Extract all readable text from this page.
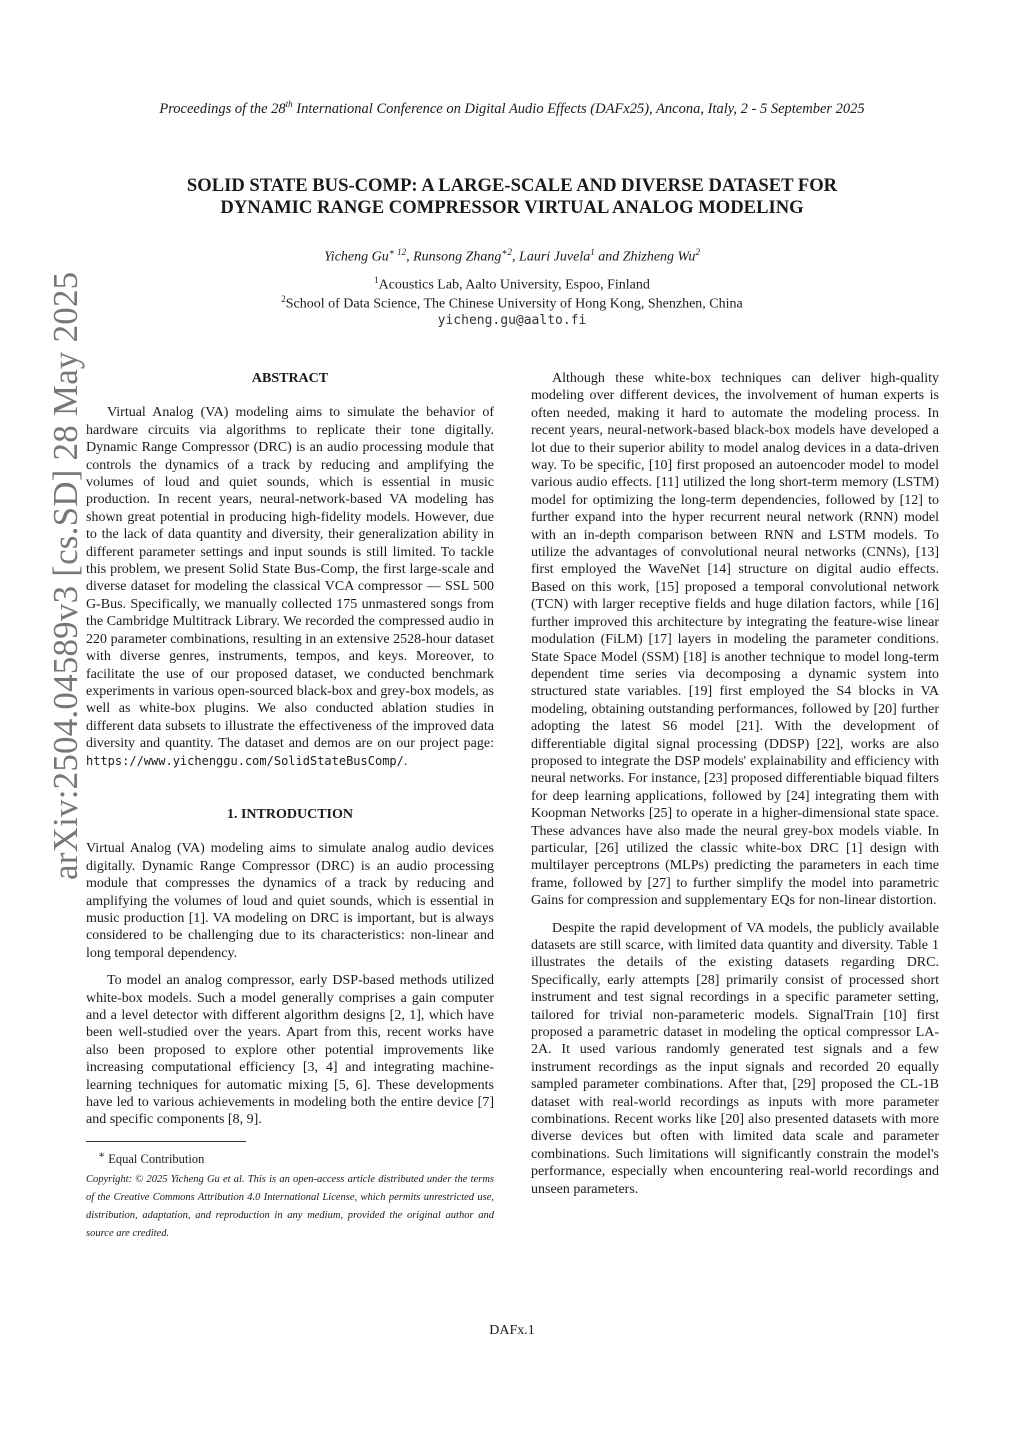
arXiv:2504.04589v3 [cs.SD] 28 May 2025
Proceedings of the 28th International Conference on Digital Audio Effects (DAFx25), Ancona, Italy, 2 - 5 September 2025
SOLID STATE BUS-COMP: A LARGE-SCALE AND DIVERSE DATASET FOR
DYNAMIC RANGE COMPRESSOR VIRTUAL ANALOG MODELING
Yicheng $Gu^{∗ 12}$, Runsong Zhang$^{∗2}$, Lauri Juvela$^1$ and Zhizheng Wu$^2$
$^1$Acoustics Lab, Aalto University, Espoo, Finland
$^2$School of Data Science, The Chinese University of Hong Kong, Shenzhen, China
yicheng.gu@aalto.fi
ABSTRACT

Virtual Analog (VA) modeling aims to simulate the behavior of hardware circuits via algorithms to replicate their tone digitally. Dynamic Range Compressor (DRC) is an audio processing module that controls the dynamics of a track by reducing and amplifying the volumes of loud and quiet sounds, which is essential in music production. In recent years, neural-network-based VA modeling has shown great potential in producing high-fidelity models. However, due to the lack of data quantity and diversity, their generalization ability in different parameter settings and input sounds is still limited. To tackle this problem, we present Solid State Bus-Comp, the first large-scale and diverse dataset for modeling the classical VCA compressor — SSL 500 G-Bus. Specifically, we manually collected 175 unmastered songs from the Cambridge Multitrack Library. We recorded the compressed audio in 220 parameter combinations, resulting in an extensive 2528-hour dataset with diverse genres, instruments, tempos, and keys. Moreover, to facilitate the use of our proposed dataset, we conducted benchmark experiments in various open-sourced black-box and grey-box models, as well as white-box plugins. We also conducted ablation studies in different data subsets to illustrate the effectiveness of the improved data diversity and quantity. The dataset and demos are on our project page: https://www.yichenggu.com/SolidStateBusComp/.

1. INTRODUCTION

Virtual Analog (VA) modeling aims to simulate analog audio devices digitally. Dynamic Range Compressor (DRC) is an audio processing module that compresses the dynamics of a track by reducing and amplifying the volumes of loud and quiet sounds, which is essential in music production [1]. VA modeling on DRC is important, but is always considered to be challenging due to its characteristics: non-linear and long temporal dependency.

To model an analog compressor, early DSP-based methods utilized white-box models. Such a model generally comprises a gain computer and a level detector with different algorithm designs [2, 1], which have been well-studied over the years. Apart from this, recent works have also been proposed to explore other potential improvements like increasing computational efficiency [3, 4] and integrating machine-learning techniques for automatic mixing [5, 6]. These developments have led to various achievements in modeling both the entire device [7] and specific components [8, 9].

∗ Equal Contribution
Copyright: © 2025 Yicheng Gu et al. This is an open-access article distributed under the terms of the Creative Commons Attribution 4.0 International License, which permits unrestricted use, distribution, adaptation, and reproduction in any medium, provided the original author and source are credited.

Although these white-box techniques can deliver high-quality modeling over different devices, the involvement of human experts is often needed, making it hard to automate the modeling process. In recent years, neural-network-based black-box models have developed a lot due to their superior ability to model analog devices in a data-driven way. To be specific, [10] first proposed an autoencoder model to model various audio effects. [11] utilized the long short-term memory (LSTM) model for optimizing the long-term dependencies, followed by [12] to further expand into the hyper recurrent neural network (RNN) model with an in-depth comparison between RNN and LSTM models. To utilize the advantages of convolutional neural networks (CNNs), [13] first employed the WaveNet [14] structure on digital audio effects. Based on this work, [15] proposed a temporal convolutional network (TCN) with larger receptive fields and huge dilation factors, while [16] further improved this architecture by integrating the feature-wise linear modulation (FiLM) [17] layers in modeling the parameter conditions. State Space Model (SSM) [18] is another technique to model long-term dependent time series via decomposing a dynamic system into structured state variables. [19] first employed the S4 blocks in VA modeling, obtaining outstanding performances, followed by [20] further adopting the latest S6 model [21]. With the development of differentiable digital signal processing (DDSP) [22], works are also proposed to integrate the DSP models' explainability and efficiency with neural networks. For instance, [23] proposed differentiable biquad filters for deep learning applications, followed by [24] integrating them with Koopman Networks [25] to operate in a higher-dimensional state space. These advances have also made the neural grey-box models viable. In particular, [26] utilized the classic white-box DRC [1] design with multilayer perceptrons (MLPs) predicting the parameters in each time frame, followed by [27] to further simplify the model into parametric Gains for compression and supplementary EQs for non-linear distortion.

Despite the rapid development of VA models, the publicly available datasets are still scarce, with limited data quantity and diversity. Table 1 illustrates the details of the existing datasets regarding DRC. Specifically, early attempts [28] primarily consist of processed short instrument and test signal recordings in a specific parameter setting, tailored for trivial non-parameteric models. SignalTrain [10] first proposed a parametric dataset in modeling the optical compressor LA-2A. It used various randomly generated test signals and a few instrument recordings as the input signals and recorded 20 equally sampled parameter combinations. After that, [29] proposed the CL-1B dataset with real-world recordings as inputs with more parameter combinations. Recent works like [20] also presented datasets with more diverse devices but often with limited data scale and parameter combinations. Such limitations will significantly constrain the model's performance, especially when encountering real-world recordings and unseen parameters.

DAFx.1
